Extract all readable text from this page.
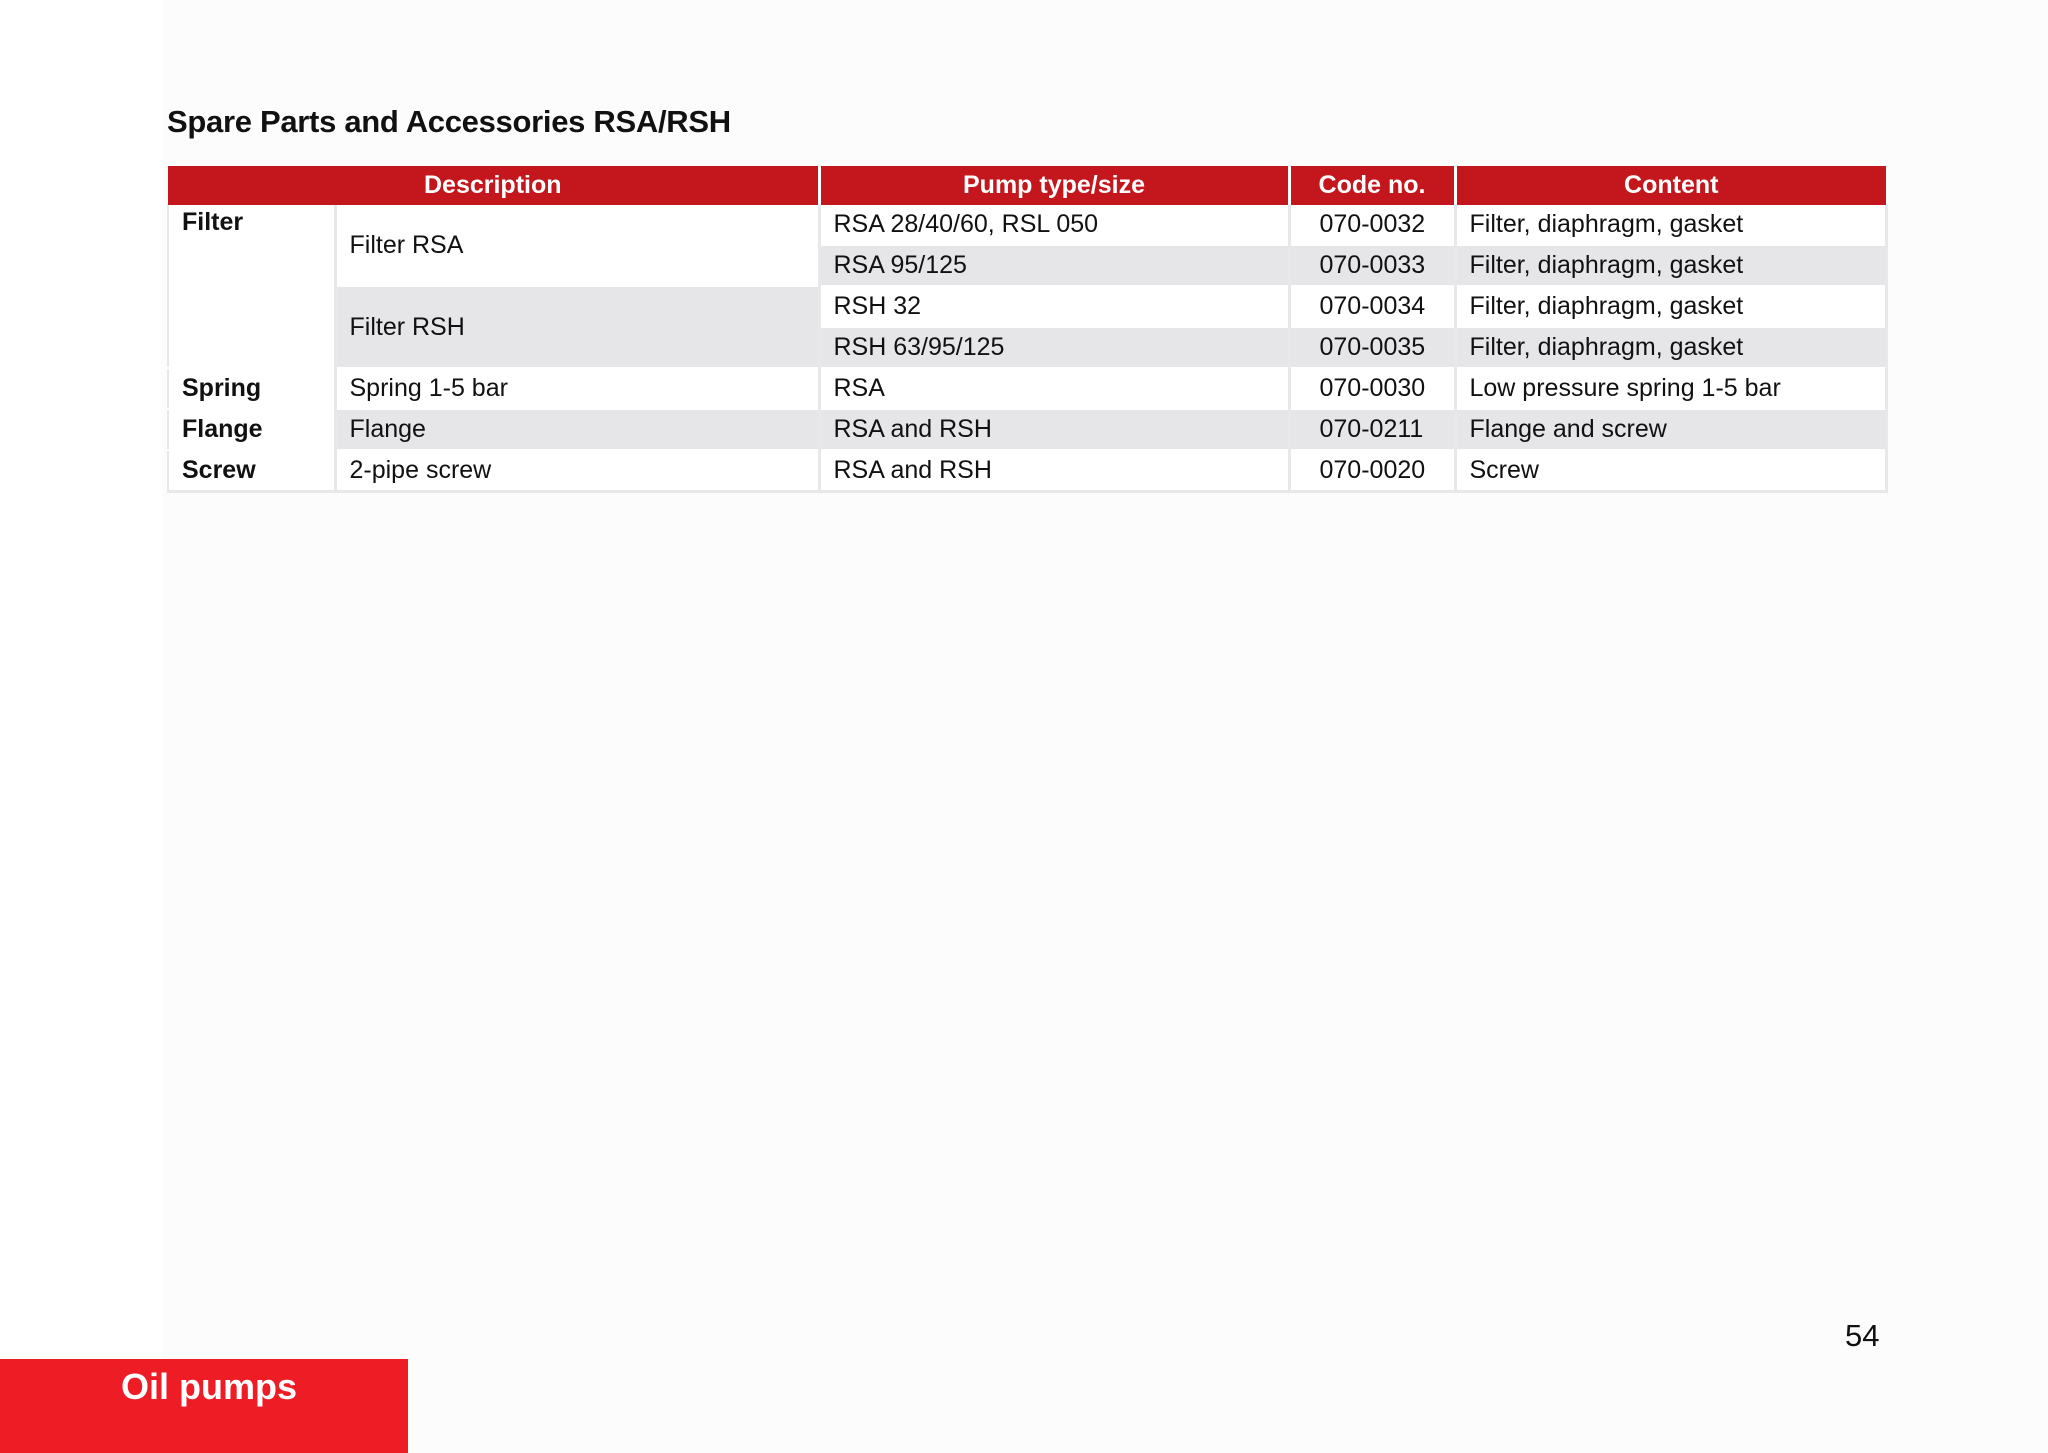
Spare Parts and Accessories RSA/RSH
Description		Pump type/size	Code no.	Content
Filter	Filter RSA	RSA 28/40/60, RSL 050	070-0032	Filter, diaphragm, gasket
		RSA 95/125	070-0033	Filter, diaphragm, gasket
	Filter RSH	RSH 32	070-0034	Filter, diaphragm, gasket
		RSH 63/95/125	070-0035	Filter, diaphragm, gasket
Spring	Spring 1-5 bar	RSA	070-0030	Low pressure spring 1-5 bar
Flange	Flange	RSA and RSH	070-0211	Flange and screw
Screw	2-pipe screw	RSA and RSH	070-0020	Screw
54
Oil pumps
